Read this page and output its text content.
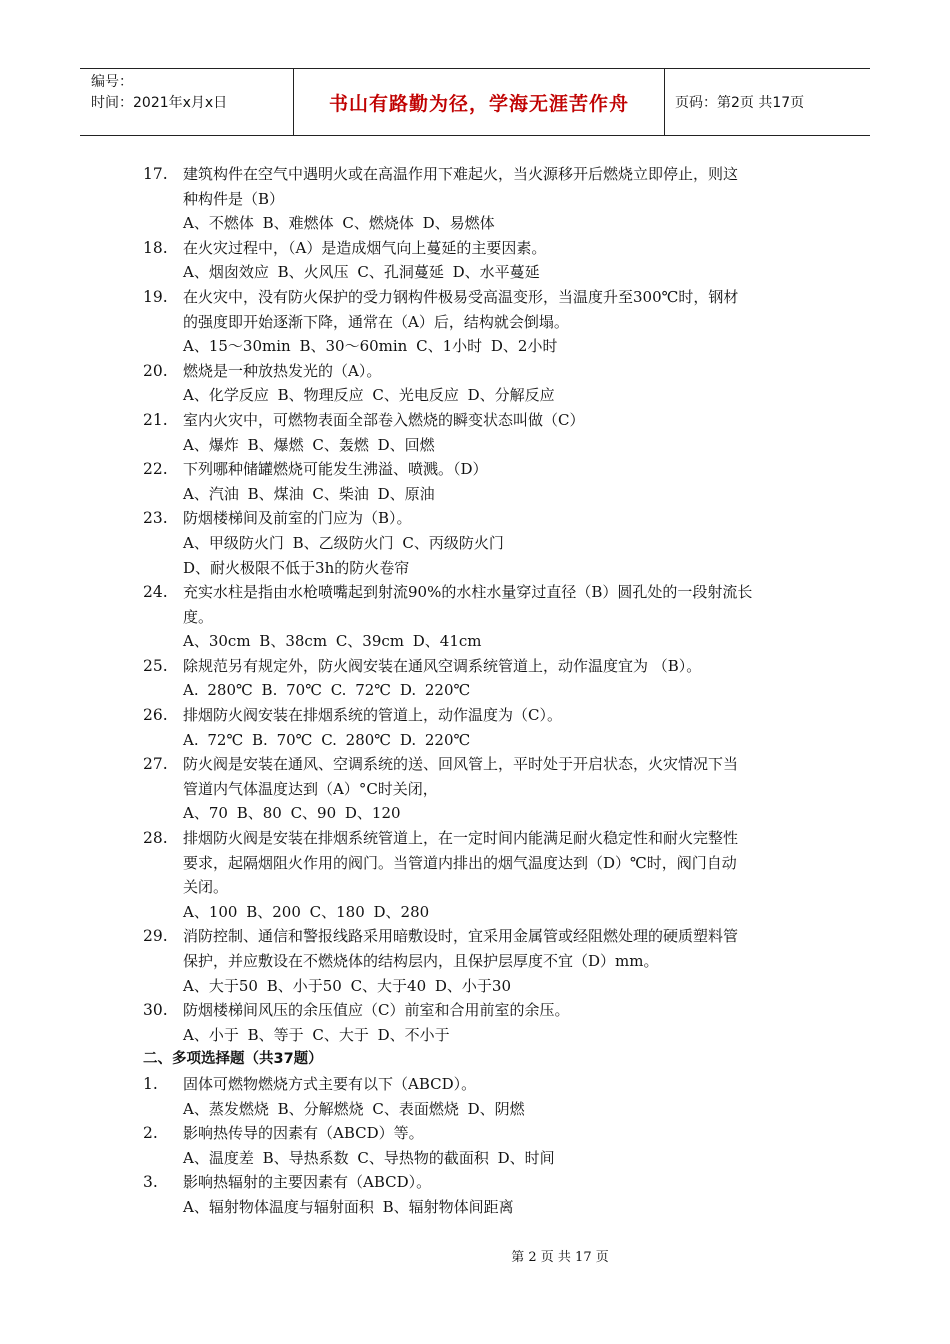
编号：
时间：2021年x月x日	书山有路勤为径，学海无涯苦作舟	页码：第2页 共17页
17. 建筑构件在空气中遇明火或在高温作用下难起火，当火源移开后燃烧立即停止，则这
种构件是（B）
A、不燃体 B、难燃体 C、燃烧体 D、易燃体
18. 在火灾过程中，（A）是造成烟气向上蔓延的主要因素。
A、烟囱效应 B、火风压 C、孔洞蔓延 D、水平蔓延
19. 在火灾中，没有防火保护的受力钢构件极易受高温变形，当温度升至300℃时，钢材
的强度即开始逐渐下降，通常在（A）后，结构就会倒塌。
A、15～30min B、30～60min C、1小时 D、2小时
20. 燃烧是一种放热发光的（A）。
A、化学反应 B、物理反应 C、光电反应 D、分解反应
21. 室内火灾中，可燃物表面全部卷入燃烧的瞬变状态叫做（C）
A、爆炸 B、爆燃 C、轰燃 D、回燃
22. 下列哪种储罐燃烧可能发生沸溢、喷溅。（D）
A、汽油 B、煤油 C、柴油 D、原油
23. 防烟楼梯间及前室的门应为（B）。
A、甲级防火门 B、乙级防火门 C、丙级防火门
D、耐火极限不低于3h的防火卷帘
24. 充实水柱是指由水枪喷嘴起到射流90%的水柱水量穿过直径（B）圆孔处的一段射流长
度。
A、30cm B、38cm C、39cm D、41cm
25. 除规范另有规定外，防火阀安装在通风空调系统管道上，动作温度宜为 （B）。
A. 280℃ B. 70℃ C. 72℃ D. 220℃
26. 排烟防火阀安装在排烟系统的管道上，动作温度为（C）。
A. 72℃ B. 70℃ C. 280℃ D. 220℃
27. 防火阀是安装在通风、空调系统的送、回风管上，平时处于开启状态，火灾情况下当
管道内气体温度达到（A）°C时关闭，
A、70 B、80 C、90 D、120
28. 排烟防火阀是安装在排烟系统管道上，在一定时间内能满足耐火稳定性和耐火完整性
要求，起隔烟阻火作用的阀门。当管道内排出的烟气温度达到（D）℃时，阀门自动
关闭。
A、100 B、200 C、180 D、280
29. 消防控制、通信和警报线路采用暗敷设时，宜采用金属管或经阻燃处理的硬质塑料管
保护，并应敷设在不燃烧体的结构层内，且保护层厚度不宜（D）mm。
A、大于50 B、小于50 C、大于40 D、小于30
30. 防烟楼梯间风压的余压值应（C）前室和合用前室的余压。
A、小于 B、等于 C、大于 D、不小于
二、多项选择题（共37题）
1. 固体可燃物燃烧方式主要有以下（ABCD）。
A、蒸发燃烧 B、分解燃烧 C、表面燃烧 D、阴燃
2. 影响热传导的因素有（ABCD）等。
A、温度差 B、导热系数 C、导热物的截面积 D、时间
3. 影响热辐射的主要因素有（ABCD）。
A、辐射物体温度与辐射面积 B、辐射物体间距离
第 2 页 共 17 页
